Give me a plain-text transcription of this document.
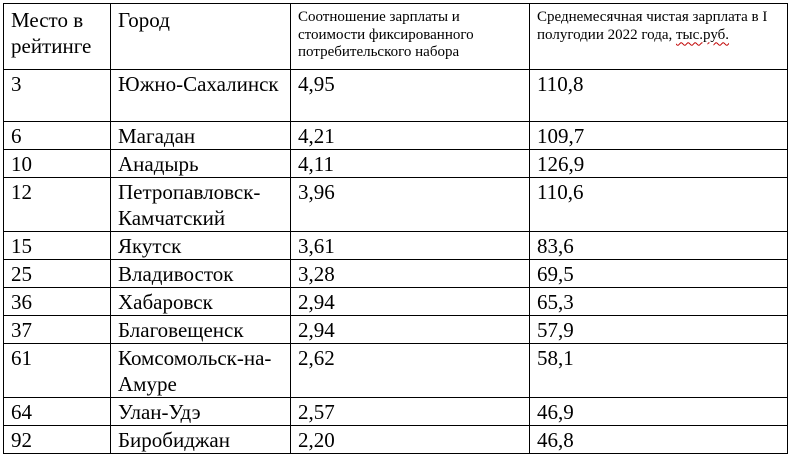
Место в рейтинге	Город	Соотношение зарплаты и стоимости фиксированного потребительского набора	Среднемесячная чистая зарплата в I полугодии 2022 года, тыс.руб.
3	Южно-Сахалинск	4,95	110,8
6	Магадан	4,21	109,7
10	Анадырь	4,11	126,9
12	Петропавловск-Камчатский	3,96	110,6
15	Якутск	3,61	83,6
25	Владивосток	3,28	69,5
36	Хабаровск	2,94	65,3
37	Благовещенск	2,94	57,9
61	Комсомольск-на-Амуре	2,62	58,1
64	Улан-Удэ	2,57	46,9
92	Биробиджан	2,20	46,8
